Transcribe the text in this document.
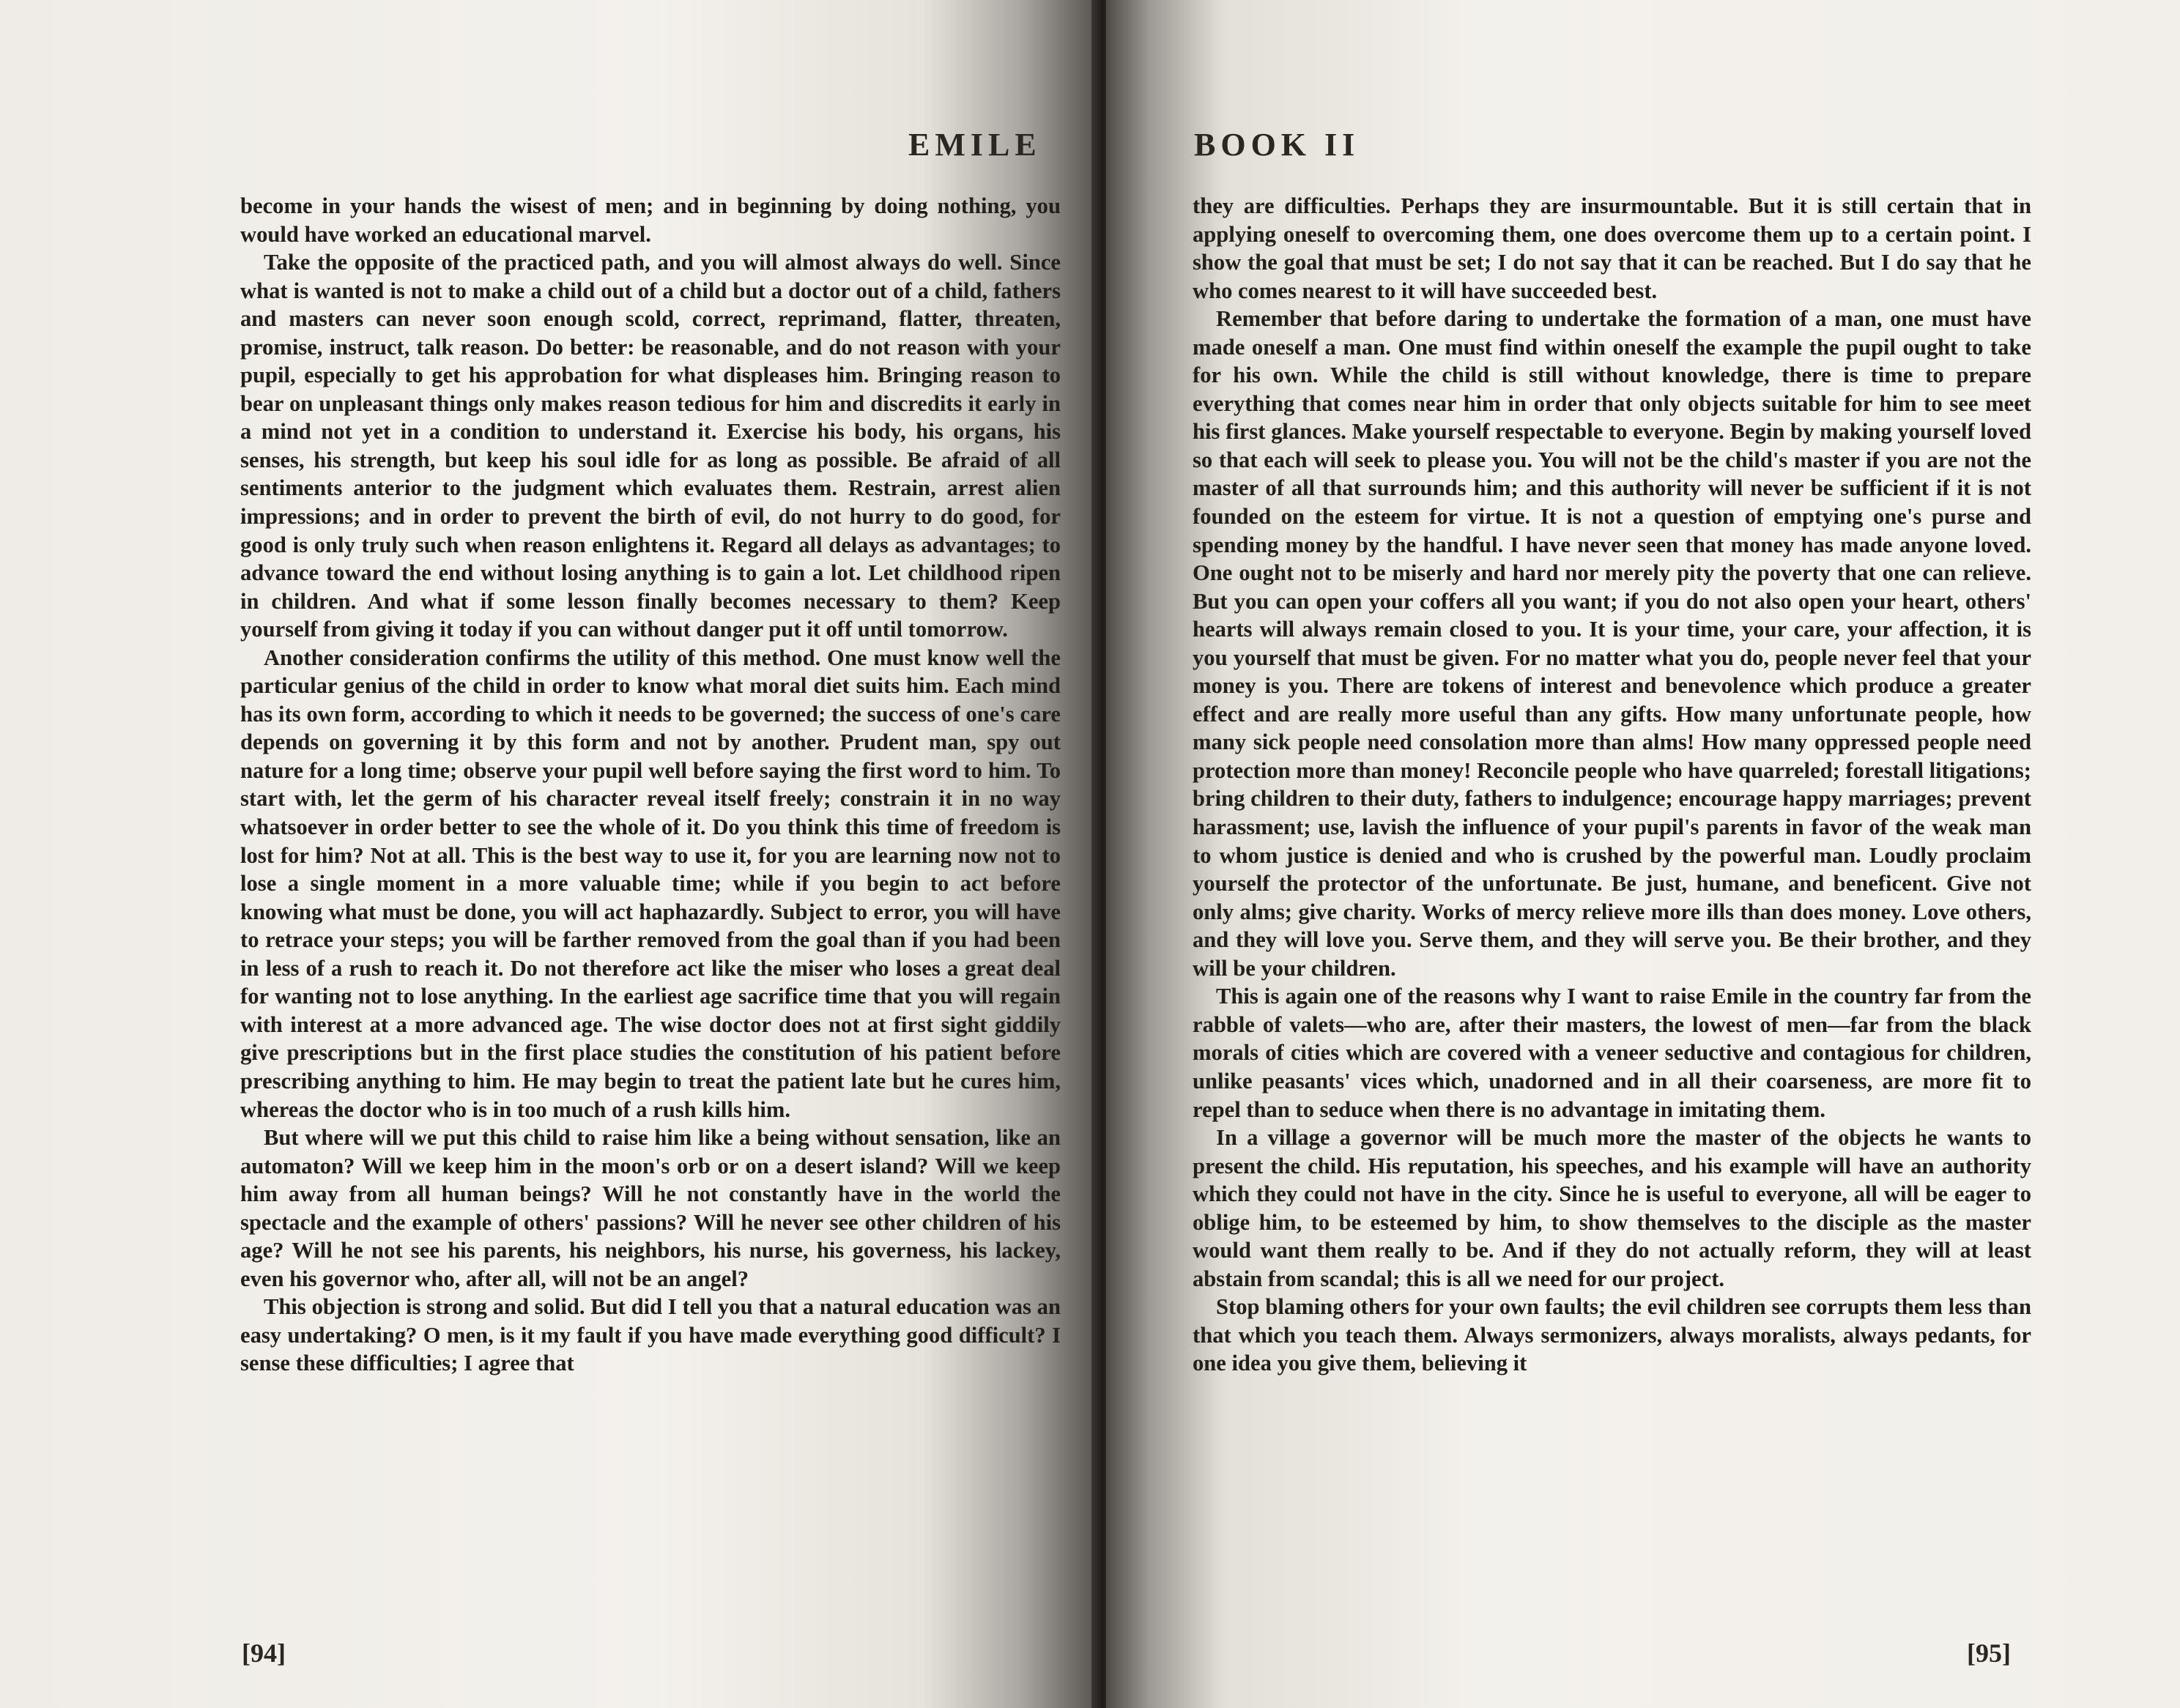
EMILE

become in your hands the wisest of men; and in beginning by doing nothing, you would have worked an educational marvel.

Take the opposite of the practiced path, and you will almost always do well. Since what is wanted is not to make a child out of a child but a doctor out of a child, fathers and masters can never soon enough scold, correct, reprimand, flatter, threaten, promise, instruct, talk reason. Do better: be reasonable, and do not reason with your pupil, especially to get his approbation for what displeases him. Bringing reason to bear on unpleasant things only makes reason tedious for him and discredits it early in a mind not yet in a condition to understand it. Exercise his body, his organs, his senses, his strength, but keep his soul idle for as long as possible. Be afraid of all sentiments anterior to the judgment which evaluates them. Restrain, arrest alien impressions; and in order to prevent the birth of evil, do not hurry to do good, for good is only truly such when reason enlightens it. Regard all delays as advantages; to advance toward the end without losing anything is to gain a lot. Let childhood ripen in children. And what if some lesson finally becomes necessary to them? Keep yourself from giving it today if you can without danger put it off until tomorrow.

Another consideration confirms the utility of this method. One must know well the particular genius of the child in order to know what moral diet suits him. Each mind has its own form, according to which it needs to be governed; the success of one's care depends on governing it by this form and not by another. Prudent man, spy out nature for a long time; observe your pupil well before saying the first word to him. To start with, let the germ of his character reveal itself freely; constrain it in no way whatsoever in order better to see the whole of it. Do you think this time of freedom is lost for him? Not at all. This is the best way to use it, for you are learning now not to lose a single moment in a more valuable time; while if you begin to act before knowing what must be done, you will act haphazardly. Subject to error, you will have to retrace your steps; you will be farther removed from the goal than if you had been in less of a rush to reach it. Do not therefore act like the miser who loses a great deal for wanting not to lose anything. In the earliest age sacrifice time that you will regain with interest at a more advanced age. The wise doctor does not at first sight giddily give prescriptions but in the first place studies the constitution of his patient before prescribing anything to him. He may begin to treat the patient late but he cures him, whereas the doctor who is in too much of a rush kills him.

But where will we put this child to raise him like a being without sensation, like an automaton? Will we keep him in the moon's orb or on a desert island? Will we keep him away from all human beings? Will he not constantly have in the world the spectacle and the example of others' passions? Will he never see other children of his age? Will he not see his parents, his neighbors, his nurse, his governess, his lackey, even his governor who, after all, will not be an angel?

This objection is strong and solid. But did I tell you that a natural education was an easy undertaking? O men, is it my fault if you have made everything good difficult? I sense these difficulties; I agree that

[94]
BOOK II

they are difficulties. Perhaps they are insurmountable. But it is still certain that in applying oneself to overcoming them, one does overcome them up to a certain point. I show the goal that must be set; I do not say that it can be reached. But I do say that he who comes nearest to it will have succeeded best.

Remember that before daring to undertake the formation of a man, one must have made oneself a man. One must find within oneself the example the pupil ought to take for his own. While the child is still without knowledge, there is time to prepare everything that comes near him in order that only objects suitable for him to see meet his first glances. Make yourself respectable to everyone. Begin by making yourself loved so that each will seek to please you. You will not be the child's master if you are not the master of all that surrounds him; and this authority will never be sufficient if it is not founded on the esteem for virtue. It is not a question of emptying one's purse and spending money by the handful. I have never seen that money has made anyone loved. One ought not to be miserly and hard nor merely pity the poverty that one can relieve. But you can open your coffers all you want; if you do not also open your heart, others' hearts will always remain closed to you. It is your time, your care, your affection, it is you yourself that must be given. For no matter what you do, people never feel that your money is you. There are tokens of interest and benevolence which produce a greater effect and are really more useful than any gifts. How many unfortunate people, how many sick people need consolation more than alms! How many oppressed people need protection more than money! Reconcile people who have quarreled; forestall litigations; bring children to their duty, fathers to indulgence; encourage happy marriages; prevent harassment; use, lavish the influence of your pupil's parents in favor of the weak man to whom justice is denied and who is crushed by the powerful man. Loudly proclaim yourself the protector of the unfortunate. Be just, humane, and beneficent. Give not only alms; give charity. Works of mercy relieve more ills than does money. Love others, and they will love you. Serve them, and they will serve you. Be their brother, and they will be your children.

This is again one of the reasons why I want to raise Emile in the country far from the rabble of valets—who are, after their masters, the lowest of men—far from the black morals of cities which are covered with a veneer seductive and contagious for children, unlike peasants' vices which, unadorned and in all their coarseness, are more fit to repel than to seduce when there is no advantage in imitating them.

In a village a governor will be much more the master of the objects he wants to present the child. His reputation, his speeches, and his example will have an authority which they could not have in the city. Since he is useful to everyone, all will be eager to oblige him, to be esteemed by him, to show themselves to the disciple as the master would want them really to be. And if they do not actually reform, they will at least abstain from scandal; this is all we need for our project.

Stop blaming others for your own faults; the evil children see corrupts them less than that which you teach them. Always sermonizers, always moralists, always pedants, for one idea you give them, believing it

[95]
